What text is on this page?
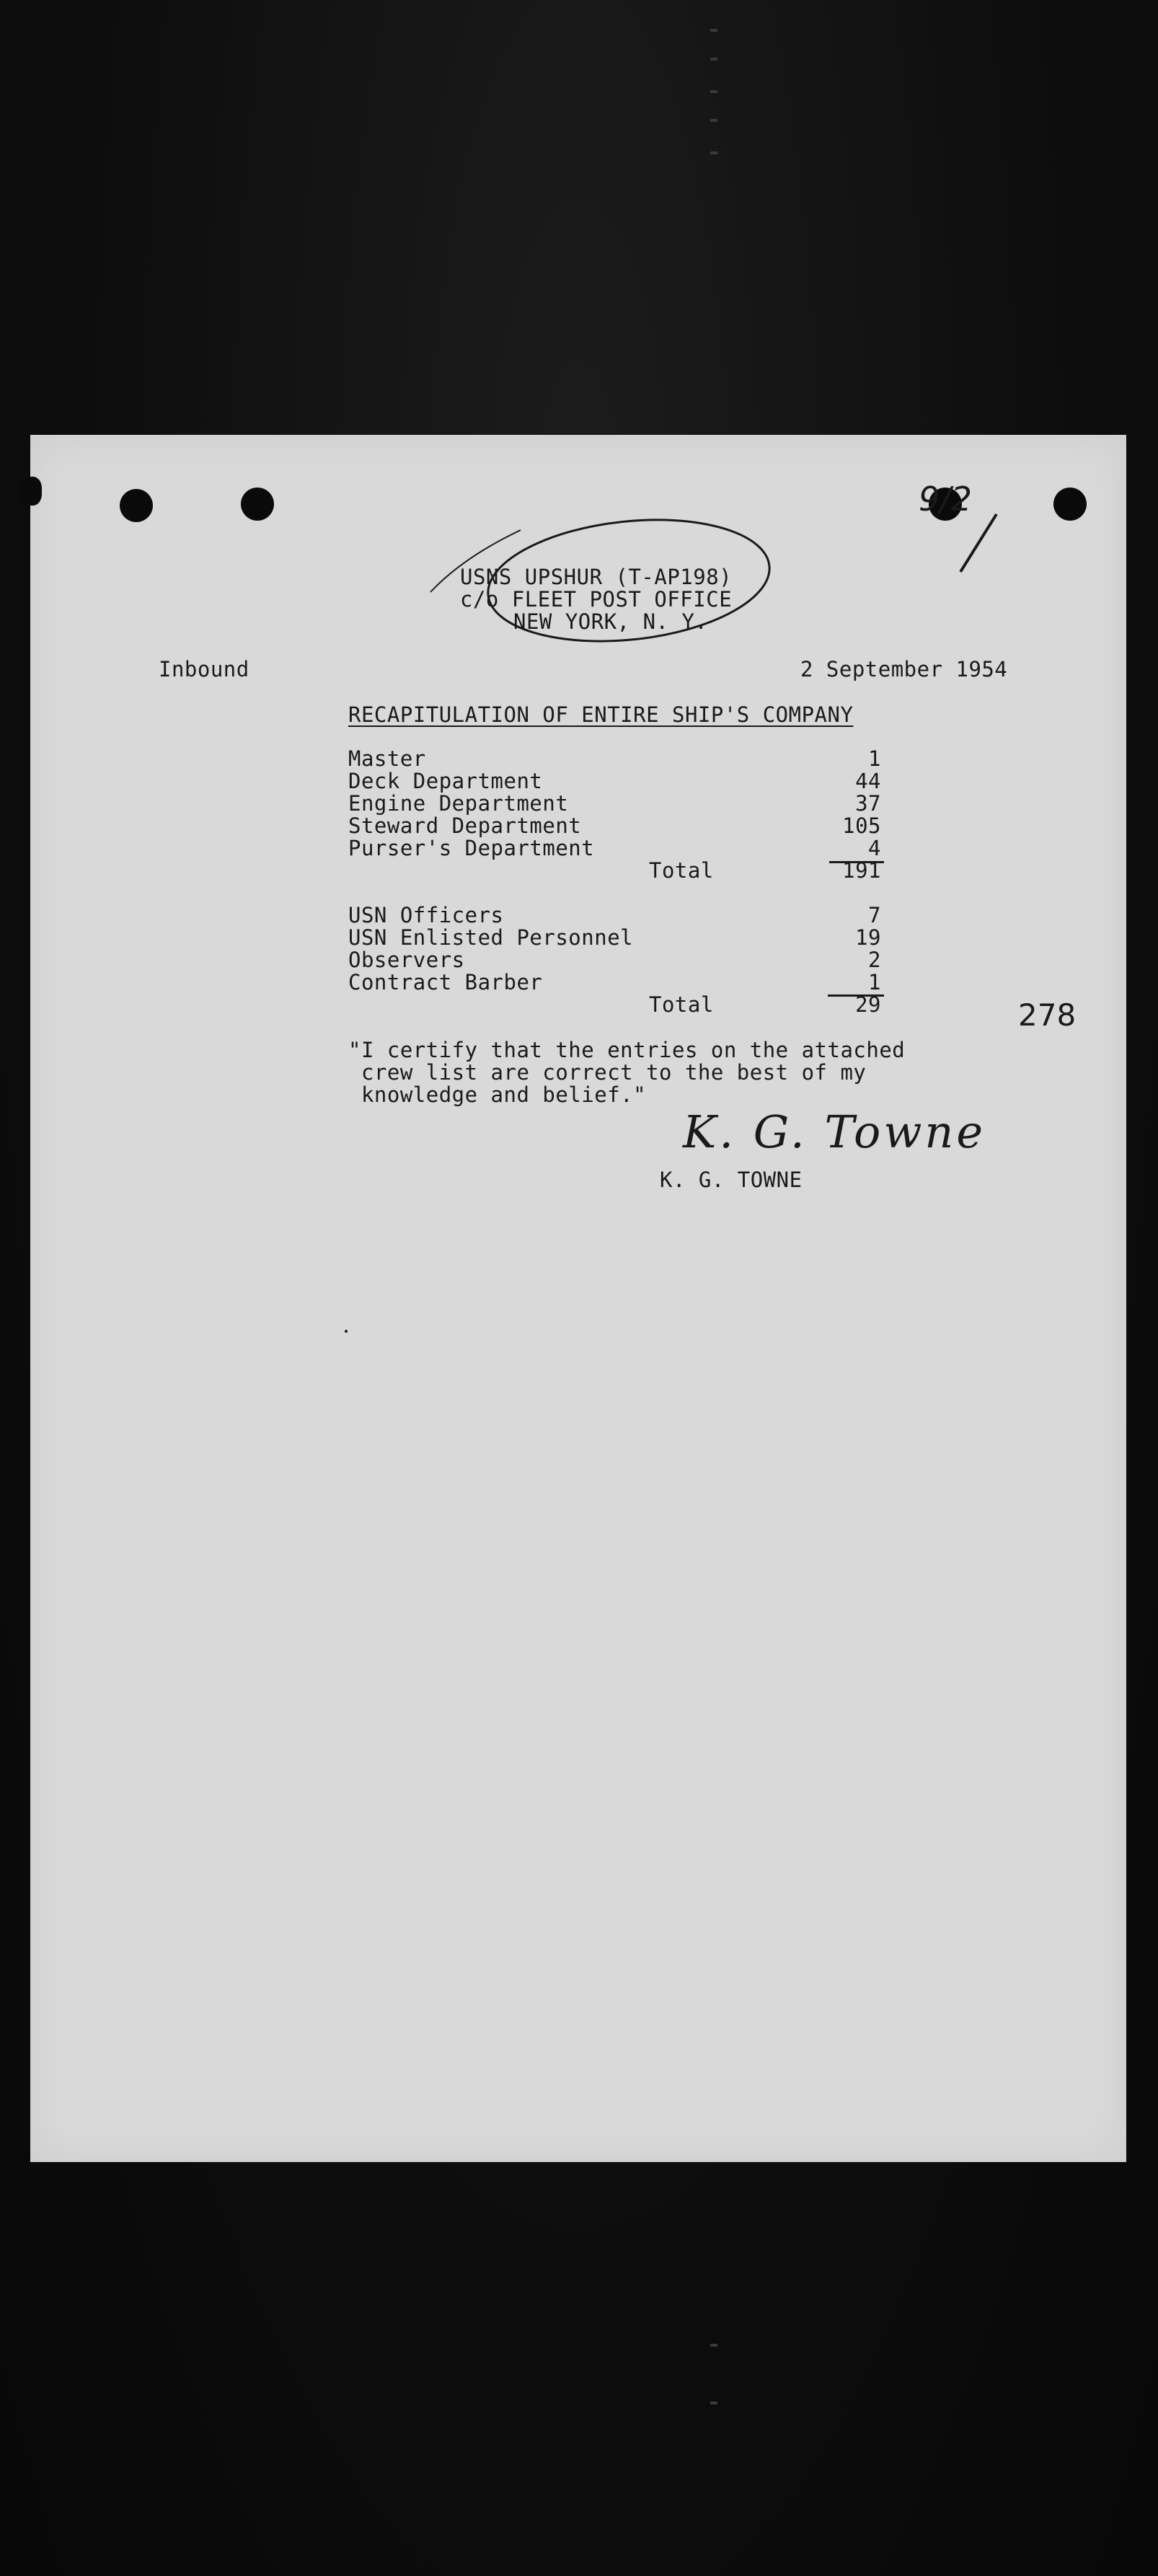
9/2
USNS UPSHUR (T-AP198)
c/o FLEET POST OFFICE
NEW YORK, N. Y.
Inbound	2 September 1954
RECAPITULATION OF ENTIRE SHIP'S COMPANY
Master	1
Deck Department	44
Engine Department	37
Steward Department	105
Purser's Department	4
Total	191
USN Officers	7
USN Enlisted Personnel	19
Observers	2
Contract Barber	1
Total	29	278
"I certify that the entries on the attached
crew list are correct to the best of my
knowledge and belief."
K. G. Towne
K. G. TOWNE
